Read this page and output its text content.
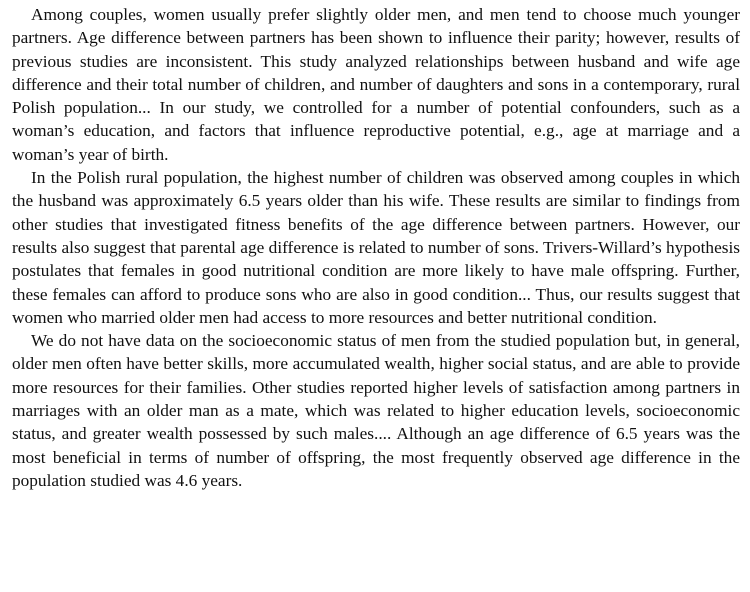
Among couples, women usually prefer slightly older men, and men tend to choose much younger partners. Age difference between partners has been shown to influence their parity; however, results of previous studies are inconsistent. This study analyzed relationships between husband and wife age difference and their total number of children, and number of daughters and sons in a contemporary, rural Polish population... In our study, we controlled for a number of potential confounders, such as a woman’s education, and factors that influence reproductive potential, e.g., age at marriage and a woman’s year of birth.

In the Polish rural population, the highest number of children was observed among couples in which the husband was approximately 6.5 years older than his wife. These results are similar to findings from other studies that investigated fitness benefits of the age difference between partners. However, our results also suggest that parental age difference is related to number of sons. Trivers-Willard’s hypothesis postulates that females in good nutritional condition are more likely to have male offspring. Further, these females can afford to produce sons who are also in good condition... Thus, our results suggest that women who married older men had access to more resources and better nutritional condition.

We do not have data on the socioeconomic status of men from the studied population but, in general, older men often have better skills, more accumulated wealth, higher social status, and are able to provide more resources for their families. Other studies reported higher levels of satisfaction among partners in marriages with an older man as a mate, which was related to higher education levels, socioeconomic status, and greater wealth possessed by such males.... Although an age difference of 6.5 years was the most beneficial in terms of number of offspring, the most frequently observed age difference in the population studied was 4.6 years.
